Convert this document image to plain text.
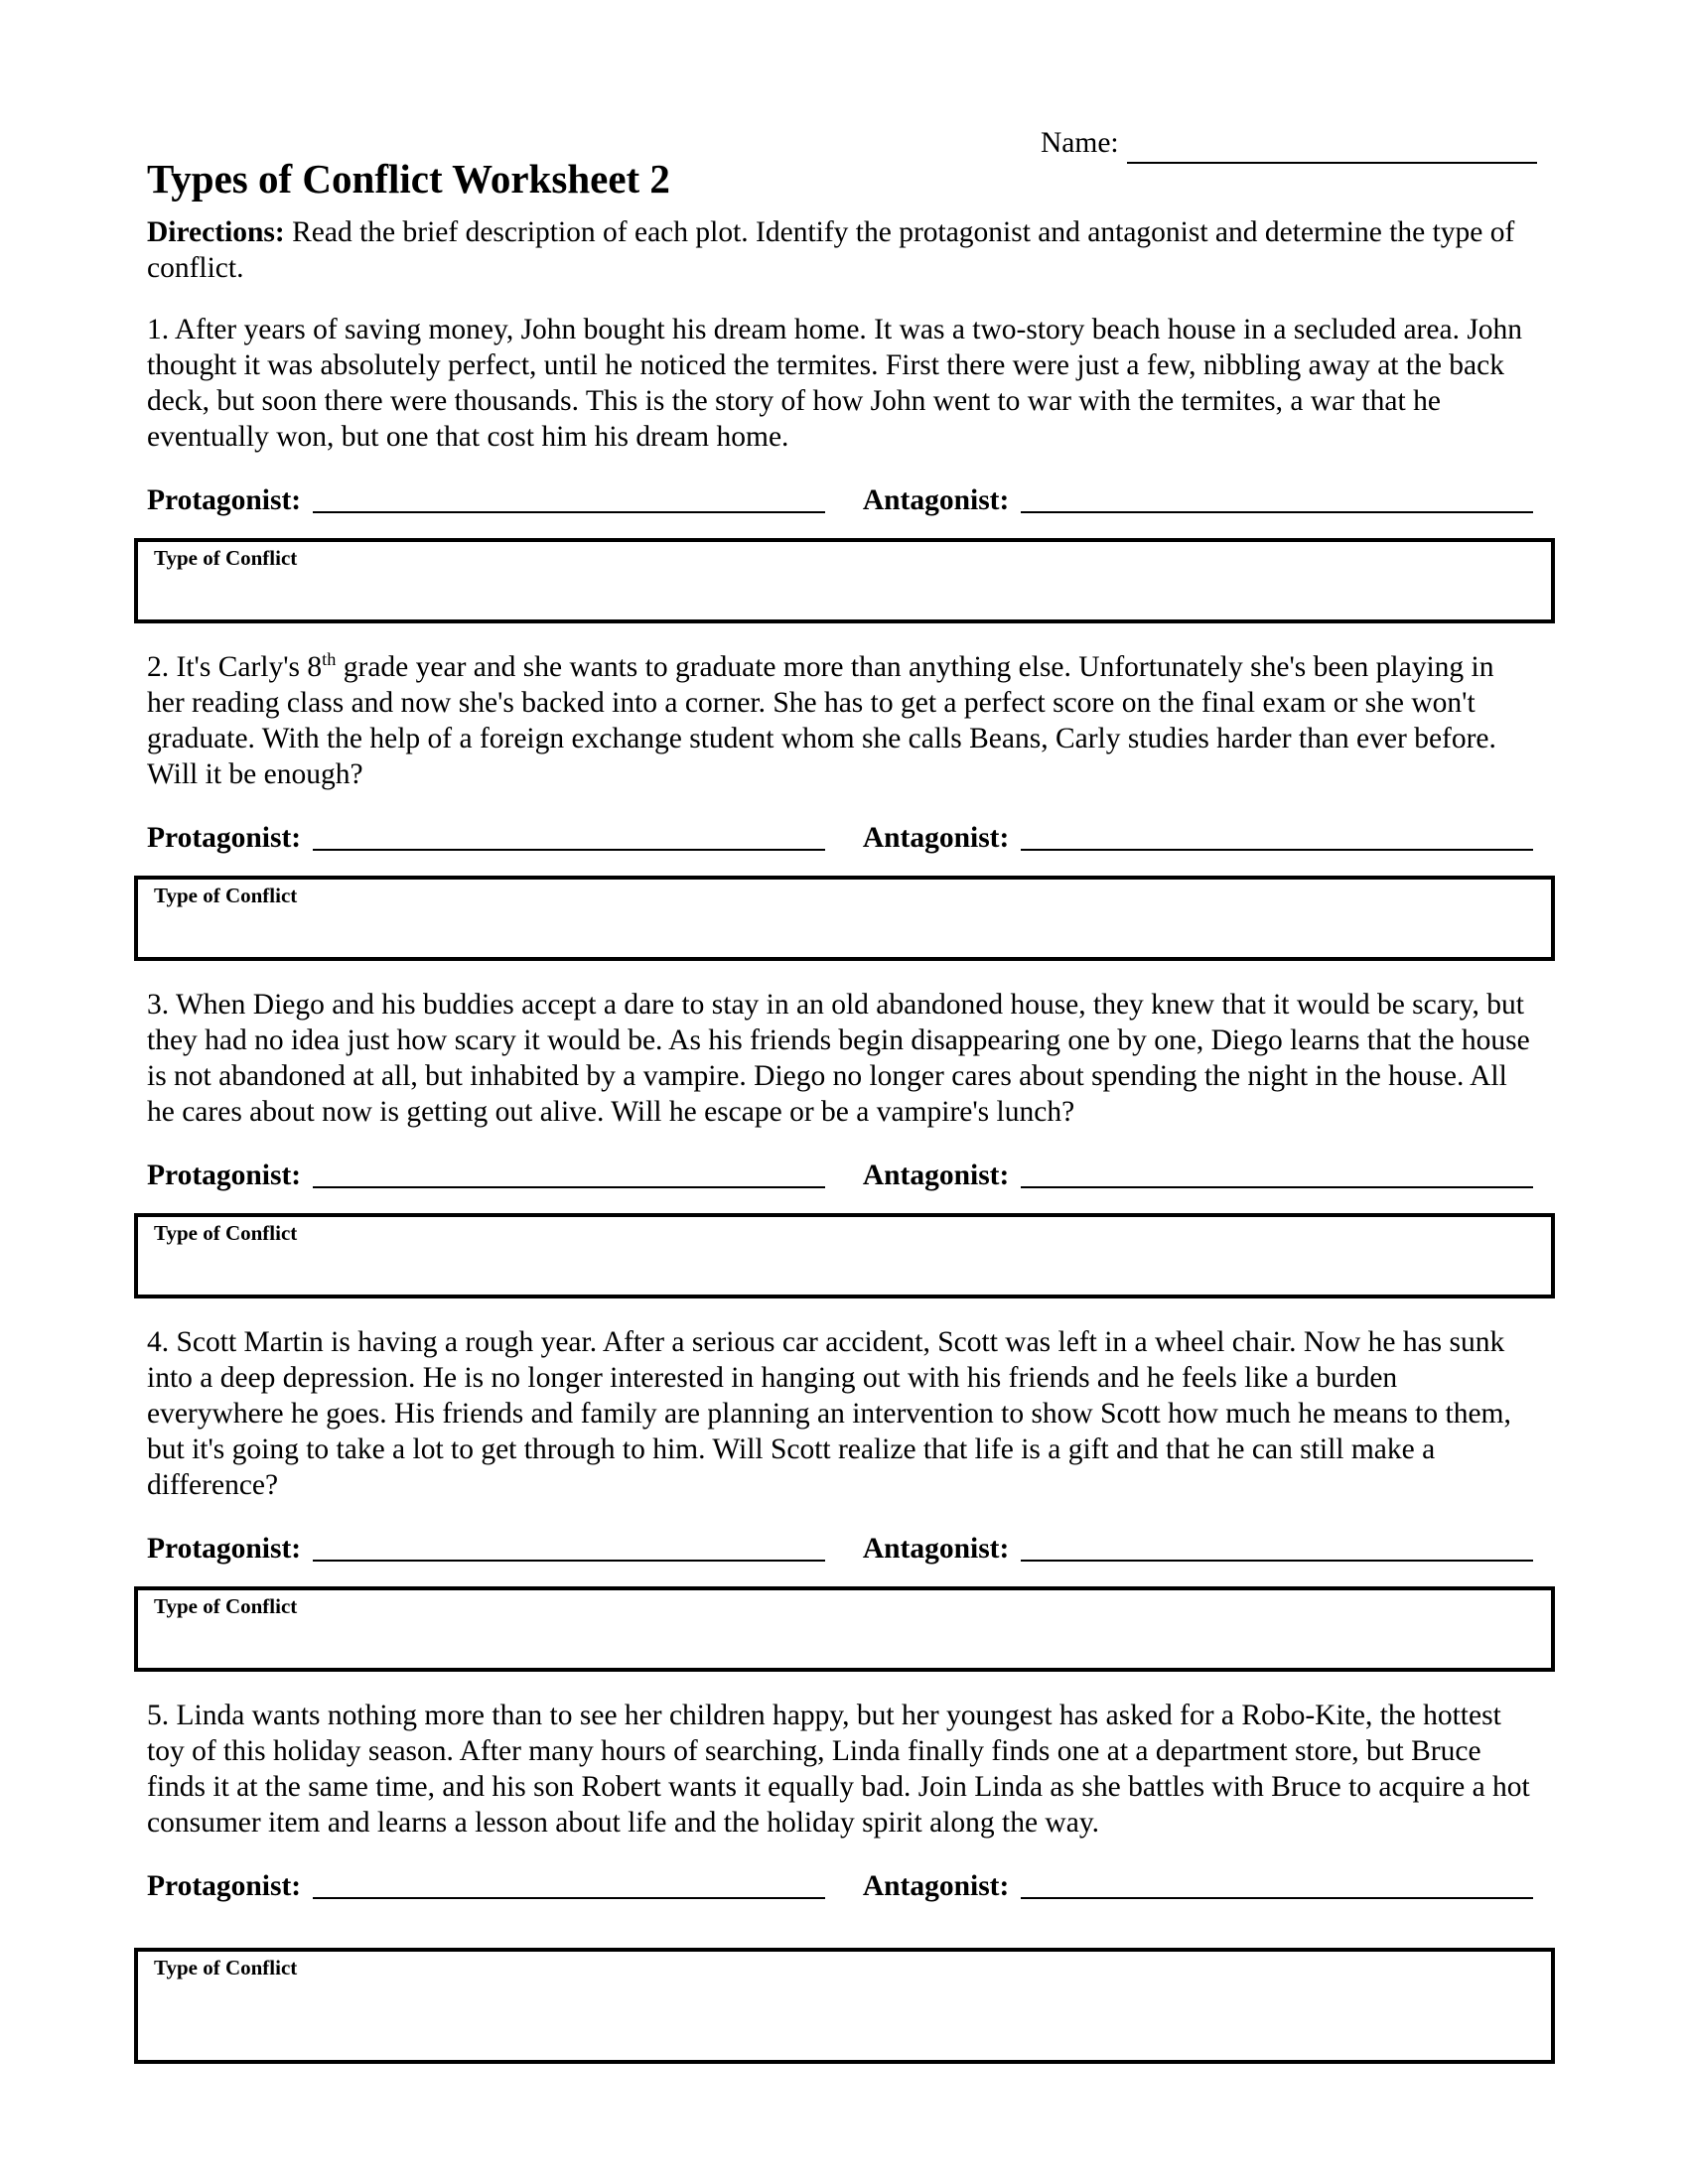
Name:
Types of Conflict Worksheet 2

Directions: Read the brief description of each plot. Identify the protagonist and antagonist and determine the type of conflict.

1. After years of saving money, John bought his dream home. It was a two-story beach house in a secluded area. John thought it was absolutely perfect, until he noticed the termites. First there were just a few, nibbling away at the back deck, but soon there were thousands. This is the story of how John went to war with the termites, a war that he eventually won, but one that cost him his dream home.

Protagonist:	Antagonist:
Type of Conflict

2. It's Carly's 8th grade year and she wants to graduate more than anything else. Unfortunately she's been playing in her reading class and now she's backed into a corner. She has to get a perfect score on the final exam or she won't graduate. With the help of a foreign exchange student whom she calls Beans, Carly studies harder than ever before. Will it be enough?

Protagonist:	Antagonist:
Type of Conflict

3. When Diego and his buddies accept a dare to stay in an old abandoned house, they knew that it would be scary, but they had no idea just how scary it would be. As his friends begin disappearing one by one, Diego learns that the house is not abandoned at all, but inhabited by a vampire. Diego no longer cares about spending the night in the house. All he cares about now is getting out alive. Will he escape or be a vampire's lunch?

Protagonist:	Antagonist:
Type of Conflict

4. Scott Martin is having a rough year. After a serious car accident, Scott was left in a wheel chair. Now he has sunk into a deep depression. He is no longer interested in hanging out with his friends and he feels like a burden everywhere he goes. His friends and family are planning an intervention to show Scott how much he means to them, but it's going to take a lot to get through to him. Will Scott realize that life is a gift and that he can still make a difference?

Protagonist:	Antagonist:
Type of Conflict

5. Linda wants nothing more than to see her children happy, but her youngest has asked for a Robo-Kite, the hottest toy of this holiday season. After many hours of searching, Linda finally finds one at a department store, but Bruce finds it at the same time, and his son Robert wants it equally bad. Join Linda as she battles with Bruce to acquire a hot consumer item and learns a lesson about life and the holiday spirit along the way.

Protagonist:	Antagonist:
Type of Conflict
